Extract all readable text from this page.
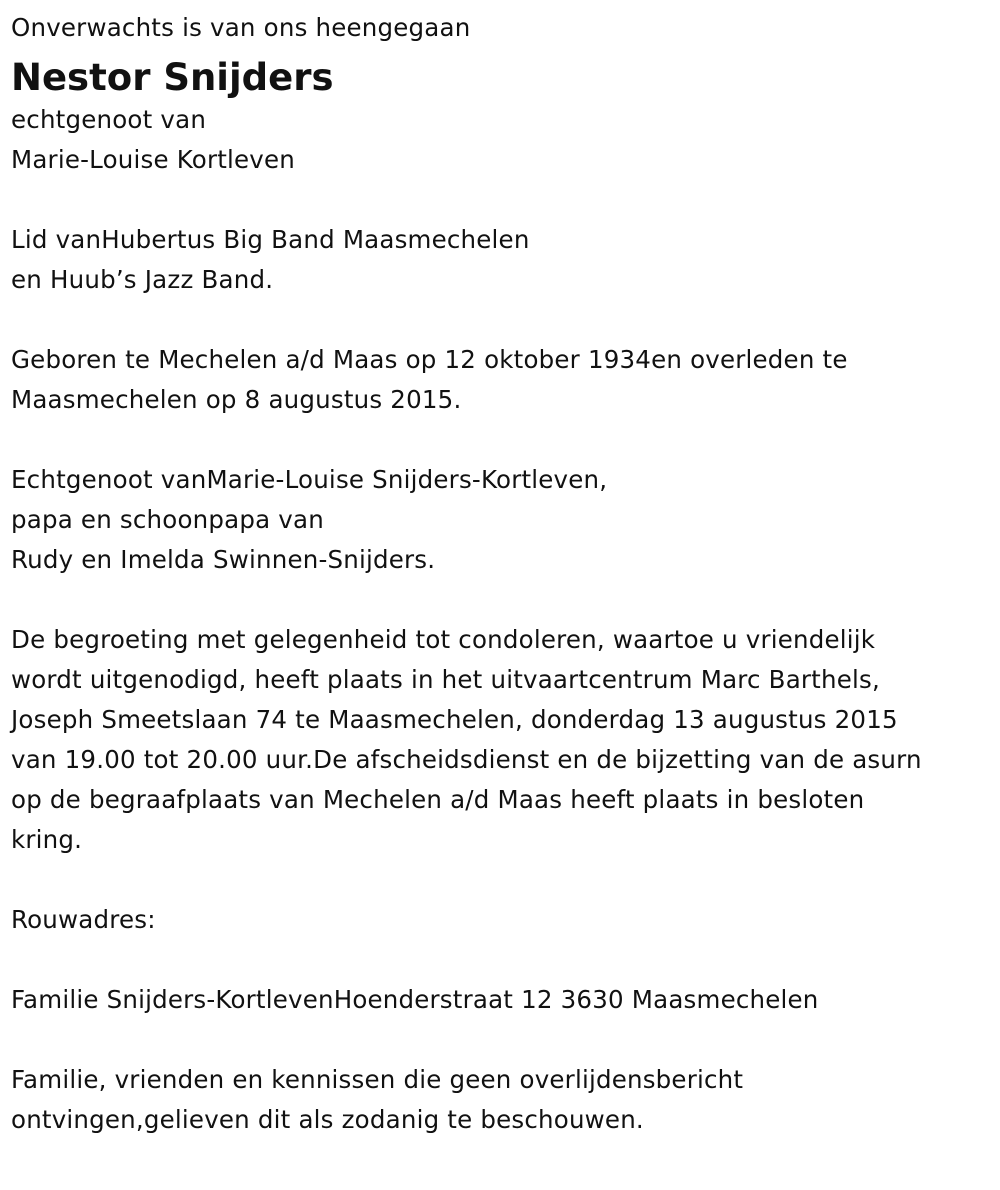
Onverwachts is van ons heengegaan
Nestor Snijders
echtgenoot van
Marie-Louise Kortleven
Lid vanHubertus Big Band Maasmechelen
en Huub’s Jazz Band.
Geboren te Mechelen a/d Maas op 12 oktober 1934en overleden te
Maasmechelen op 8 augustus 2015.
Echtgenoot vanMarie-Louise Snijders-Kortleven,
papa en schoonpapa van
Rudy en Imelda Swinnen-Snijders.
De begroeting met gelegenheid tot condoleren, waartoe u vriendelijk
wordt uitgenodigd, heeft plaats in het uitvaartcentrum Marc Barthels,
Joseph Smeetslaan 74 te Maasmechelen, donderdag 13 augustus 2015
van 19.00 tot 20.00 uur.De afscheidsdienst en de bijzetting van de asurn
op de begraafplaats van Mechelen a/d Maas heeft plaats in besloten
kring.
Rouwadres:
Familie Snijders-KortlevenHoenderstraat 12 3630 Maasmechelen
Familie, vrienden en kennissen die geen overlijdensbericht
ontvingen,gelieven dit als zodanig te beschouwen.
